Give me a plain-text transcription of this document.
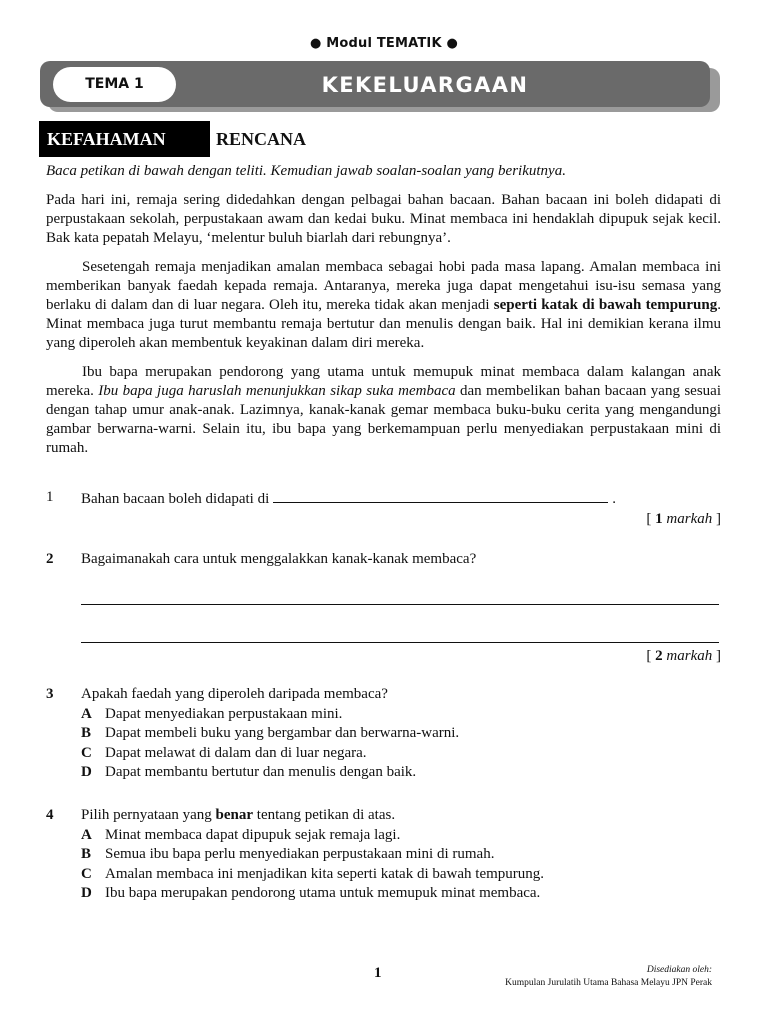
● Modul TEMATIK ●
TEMA 1	KEKELUARGAAN
KEFAHAMAN	RENCANA

Baca petikan di bawah dengan teliti. Kemudian jawab soalan-soalan yang berikutnya.

Pada hari ini, remaja sering didedahkan dengan pelbagai bahan bacaan. Bahan bacaan ini boleh didapati di perpustakaan sekolah, perpustakaan awam dan kedai buku. Minat membaca ini hendaklah dipupuk sejak kecil. Bak kata pepatah Melayu, ‘melentur buluh biarlah dari rebungnya’.

Sesetengah remaja menjadikan amalan membaca sebagai hobi pada masa lapang. Amalan membaca ini memberikan banyak faedah kepada remaja. Antaranya, mereka juga dapat mengetahui isu-isu semasa yang berlaku di dalam dan di luar negara. Oleh itu, mereka tidak akan menjadi seperti katak di bawah tempurung. Minat membaca juga turut membantu remaja bertutur dan menulis dengan baik. Hal ini demikian kerana ilmu yang diperoleh akan membentuk keyakinan dalam diri mereka.

Ibu bapa merupakan pendorong yang utama untuk memupuk minat membaca dalam kalangan anak mereka. Ibu bapa juga haruslah menunjukkan sikap suka membaca dan membelikan bahan bacaan yang sesuai dengan tahap umur anak-anak. Lazimnya, kanak-kanak gemar membaca buku-buku cerita yang mengandungi gambar berwarna-warni. Selain itu, ibu bapa yang berkemampuan perlu menyediakan perpustakaan mini di rumah.

1	Bahan bacaan boleh didapati di	.
[ 1 markah ]
2	Bagaimanakah cara untuk menggalakkan kanak-kanak membaca?
[ 2 markah ]
3	Apakah faedah yang diperoleh daripada membaca?
A Dapat menyediakan perpustakaan mini.
B Dapat membeli buku yang bergambar dan berwarna-warni.
C Dapat melawat di dalam dan di luar negara.
D Dapat membantu bertutur dan menulis dengan baik.
4	Pilih pernyataan yang benar tentang petikan di atas.
A Minat membaca dapat dipupuk sejak remaja lagi.
B Semua ibu bapa perlu menyediakan perpustakaan mini di rumah.
C Amalan membaca ini menjadikan kita seperti katak di bawah tempurung.
D Ibu bapa merupakan pendorong utama untuk memupuk minat membaca.
1	Disediakan oleh:
Kumpulan Jurulatih Utama Bahasa Melayu JPN Perak
